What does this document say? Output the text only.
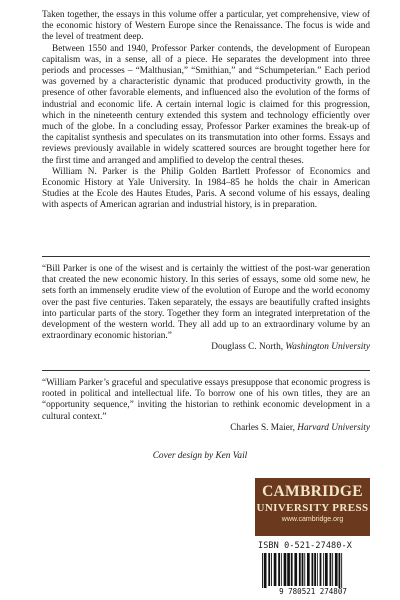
Taken together, the essays in this volume offer a particular, yet comprehensive, view of the economic history of Western Europe since the Renaissance. The focus is wide and the level of treatment deep.

Between 1550 and 1940, Professor Parker contends, the development of European capitalism was, in a sense, all of a piece. He separates the development into three periods and processes – “Malthusian,” “Smithian,” and “Schumpeterian.” Each period was governed by a characteristic dynamic that produced productivity growth, in the presence of other favorable elements, and influenced also the evolution of the forms of industrial and economic life. A certain internal logic is claimed for this progression, which in the nineteenth century extended this system and technology efficiently over much of the globe. In a concluding essay, Professor Parker examines the break-up of the capitalist synthesis and speculates on its transmutation into other forms. Essays and reviews previously available in widely scattered sources are brought together here for the first time and arranged and amplified to develop the central theses.

William N. Parker is the Philip Golden Bartlett Professor of Economics and Economic History at Yale University. In 1984–85 he holds the chair in American Studies at the Ecole des Hautes Etudes, Paris. A second volume of his essays, dealing with aspects of American agrarian and industrial history, is in preparation.

“Bill Parker is one of the wisest and is certainly the wittiest of the post-war generation that created the new economic history. In this series of essays, some old some new, he sets forth an immensely erudite view of the evolution of Europe and the world economy over the past five centuries. Taken separately, the essays are beautifully crafted insights into particular parts of the story. Together they form an integrated interpretation of the development of the western world. They all add up to an extraordinary volume by an extraordinary economic historian.”

Douglass C. North, Washington University

“William Parker’s graceful and speculative essays presuppose that economic progress is rooted in political and intellectual life. To borrow one of his own titles, they are an “opportunity sequence,” inviting the historian to rethink economic development in a cultural context.”

Charles S. Maier, Harvard University
Cover design by Ken Vail
CAMBRIDGE
UNIVERSITY PRESS
www.cambridge.org
ISBN 0-521-27480-X
9 780521 274807
